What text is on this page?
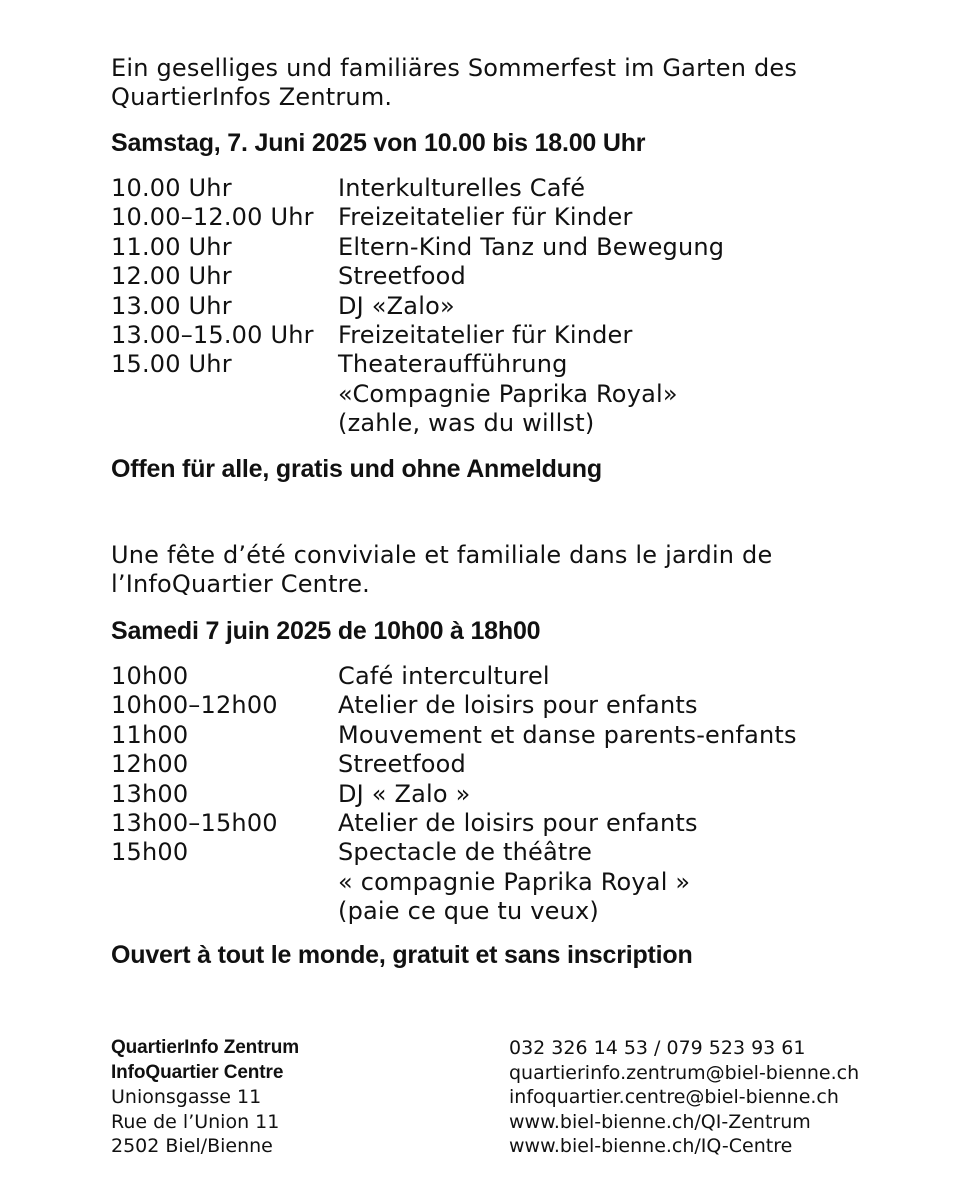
Ein geselliges und familiäres Sommerfest im Garten des QuartierInfos Zentrum.

Samstag, 7. Juni 2025 von 10.00 bis 18.00 Uhr
10.00 Uhr	Interkulturelles Café
10.00–12.00 Uhr	Freizeitatelier für Kinder
11.00 Uhr	Eltern-Kind Tanz und Bewegung
12.00 Uhr	Streetfood
13.00 Uhr	DJ «Zalo»
13.00–15.00 Uhr	Freizeitatelier für Kinder
15.00 Uhr	Theateraufführung
«Compagnie Paprika Royal»
(zahle, was du willst)
Offen für alle, gratis und ohne Anmeldung

Une fête d’été conviviale et familiale dans le jardin de l’InfoQuartier Centre.

Samedi 7 juin 2025 de 10h00 à 18h00
10h00	Café interculturel
10h00–12h00	Atelier de loisirs pour enfants
11h00	Mouvement et danse parents-enfants
12h00	Streetfood
13h00	DJ « Zalo »
13h00–15h00	Atelier de loisirs pour enfants
15h00	Spectacle de théâtre
« compagnie Paprika Royal »
(paie ce que tu veux)
Ouvert à tout le monde, gratuit et sans inscription
QuartierInfo Zentrum
InfoQuartier Centre
Unionsgasse 11
Rue de l’Union 11
2502 Biel/Bienne
032 326 14 53 / 079 523 93 61
quartierinfo.zentrum@biel-bienne.ch
infoquartier.centre@biel-bienne.ch
www.biel-bienne.ch/QI-Zentrum
www.biel-bienne.ch/IQ-Centre
